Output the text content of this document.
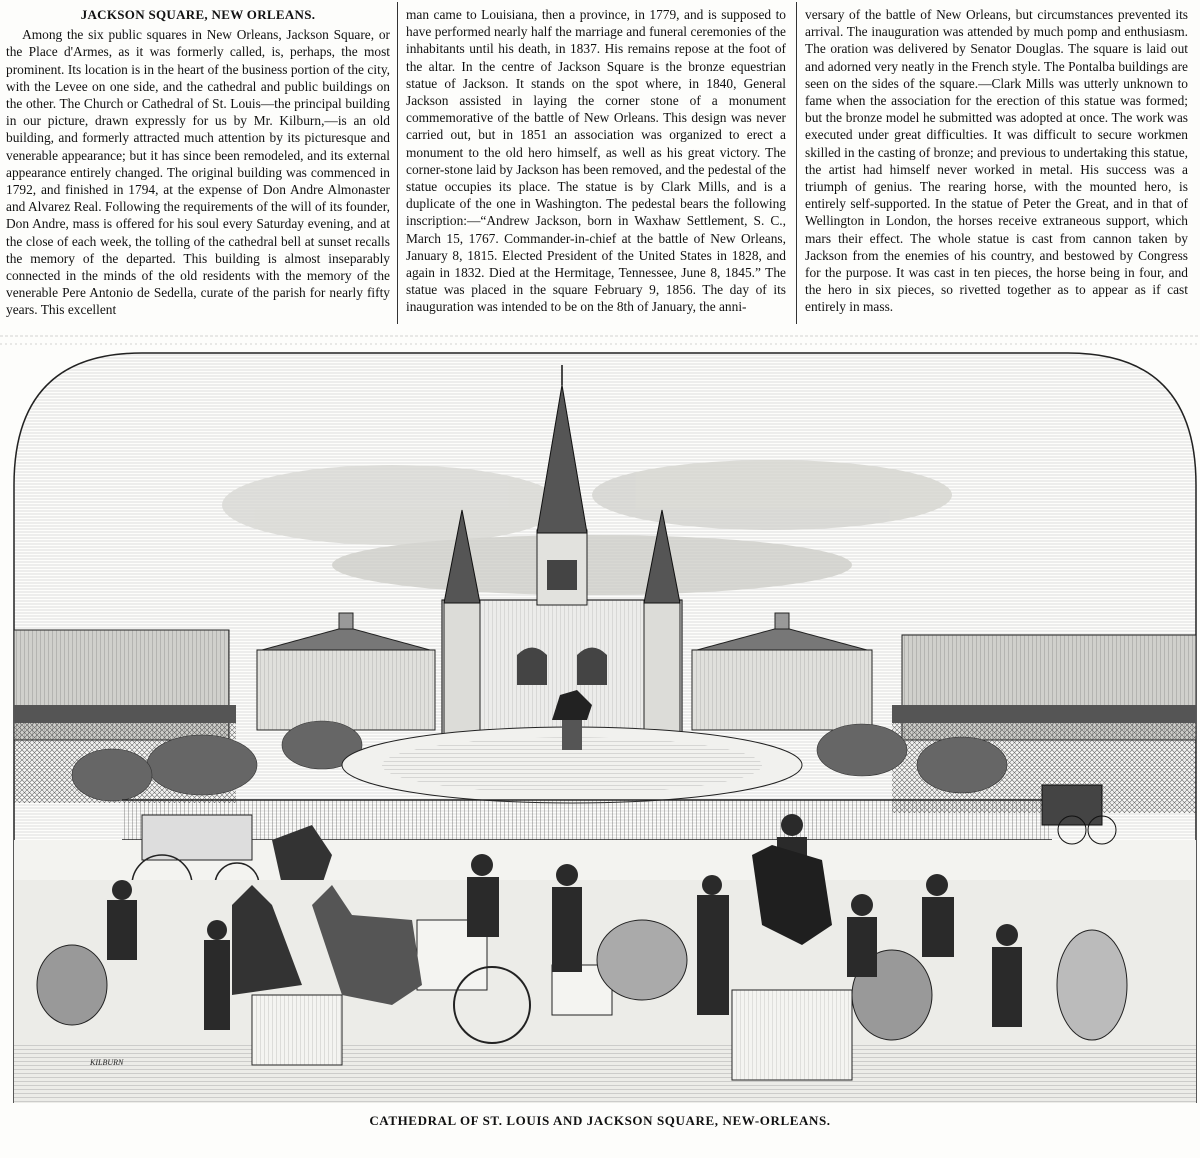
JACKSON SQUARE, NEW ORLEANS.

Among the six public squares in New Orleans, Jackson Square, or the Place d'Armes, as it was formerly called, is, perhaps, the most prominent. Its location is in the heart of the business portion of the city, with the Levee on one side, and the cathedral and public buildings on the other. The Church or Cathedral of St. Louis—the principal building in our picture, drawn expressly for us by Mr. Kilburn,—is an old building, and formerly attracted much attention by its picturesque and venerable appearance; but it has since been remodeled, and its external appearance entirely changed. The original building was commenced in 1792, and finished in 1794, at the expense of Don Andre Almonaster and Alvarez Real. Following the requirements of the will of its founder, Don Andre, mass is offered for his soul every Saturday evening, and at the close of each week, the tolling of the cathedral bell at sunset recalls the memory of the departed. This building is almost inseparably connected in the minds of the old residents with the memory of the venerable Pere Antonio de Sedella, curate of the parish for nearly fifty years. This excellent

man came to Louisiana, then a province, in 1779, and is supposed to have performed nearly half the marriage and funeral ceremonies of the inhabitants until his death, in 1837. His remains repose at the foot of the altar. In the centre of Jackson Square is the bronze equestrian statue of Jackson. It stands on the spot where, in 1840, General Jackson assisted in laying the corner stone of a monument commemorative of the battle of New Orleans. This design was never carried out, but in 1851 an association was organized to erect a monument to the old hero himself, as well as his great victory. The corner-stone laid by Jackson has been removed, and the pedestal of the statue occupies its place. The statue is by Clark Mills, and is a duplicate of the one in Washington. The pedestal bears the following inscription:—“Andrew Jackson, born in Waxhaw Settlement, S. C., March 15, 1767. Commander-in-chief at the battle of New Orleans, January 8, 1815. Elected President of the United States in 1828, and again in 1832. Died at the Hermitage, Tennessee, June 8, 1845.” The statue was placed in the square February 9, 1856. The day of its inauguration was intended to be on the 8th of January, the anni-

versary of the battle of New Orleans, but circumstances prevented its arrival. The inauguration was attended by much pomp and enthusiasm. The oration was delivered by Senator Douglas. The square is laid out and adorned very neatly in the French style. The Pontalba buildings are seen on the sides of the square.—Clark Mills was utterly unknown to fame when the association for the erection of this statue was formed; but the bronze model he submitted was adopted at once. The work was executed under great difficulties. It was difficult to secure workmen skilled in the casting of bronze; and previous to undertaking this statue, the artist had himself never worked in metal. His success was a triumph of genius. The rearing horse, with the mounted hero, is entirely self-supported. In the statue of Peter the Great, and in that of Wellington in London, the horses receive extraneous support, which mars their effect. The whole statue is cast from cannon taken by Jackson from the enemies of his country, and bestowed by Congress for the purpose. It was cast in ten pieces, the horse being in four, and the hero in six pieces, so rivetted together as to appear as if cast entirely in mass.

KILBURN
CATHEDRAL OF ST. LOUIS AND JACKSON SQUARE, NEW-ORLEANS.
